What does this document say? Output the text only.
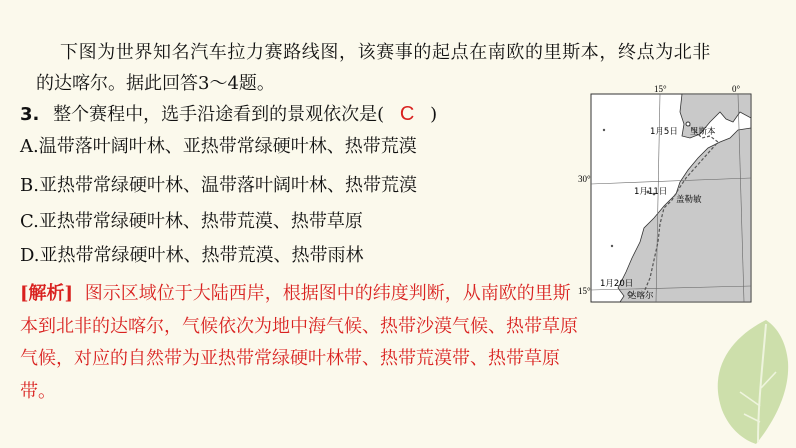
下图为世界知名汽车拉力赛路线图，该赛事的起点在南欧的里斯本，终点为北非
的达喀尔。据此回答3～4题。
3. 整个赛程中，选手沿途看到的景观依次是( C )
A.温带落叶阔叶林、亚热带常绿硬叶林、热带荒漠
B.亚热带常绿硬叶林、温带落叶阔叶林、热带荒漠
C.亚热带常绿硬叶林、热带荒漠、热带草原
D.亚热带常绿硬叶林、热带荒漠、热带雨林
[解析] 图示区域位于大陆西岸，根据图中的纬度判断，从南欧的里斯本到北非的达喀尔，气候依次为地中海气候、热带沙漠气候、热带草原气候，对应的自然带为亚热带常绿硬叶林带、热带荒漠带、热带草原带。
15°	0°
30°
15°
1月5日 里斯本
1月11日
盖勒敏
1月20日
达喀尔
